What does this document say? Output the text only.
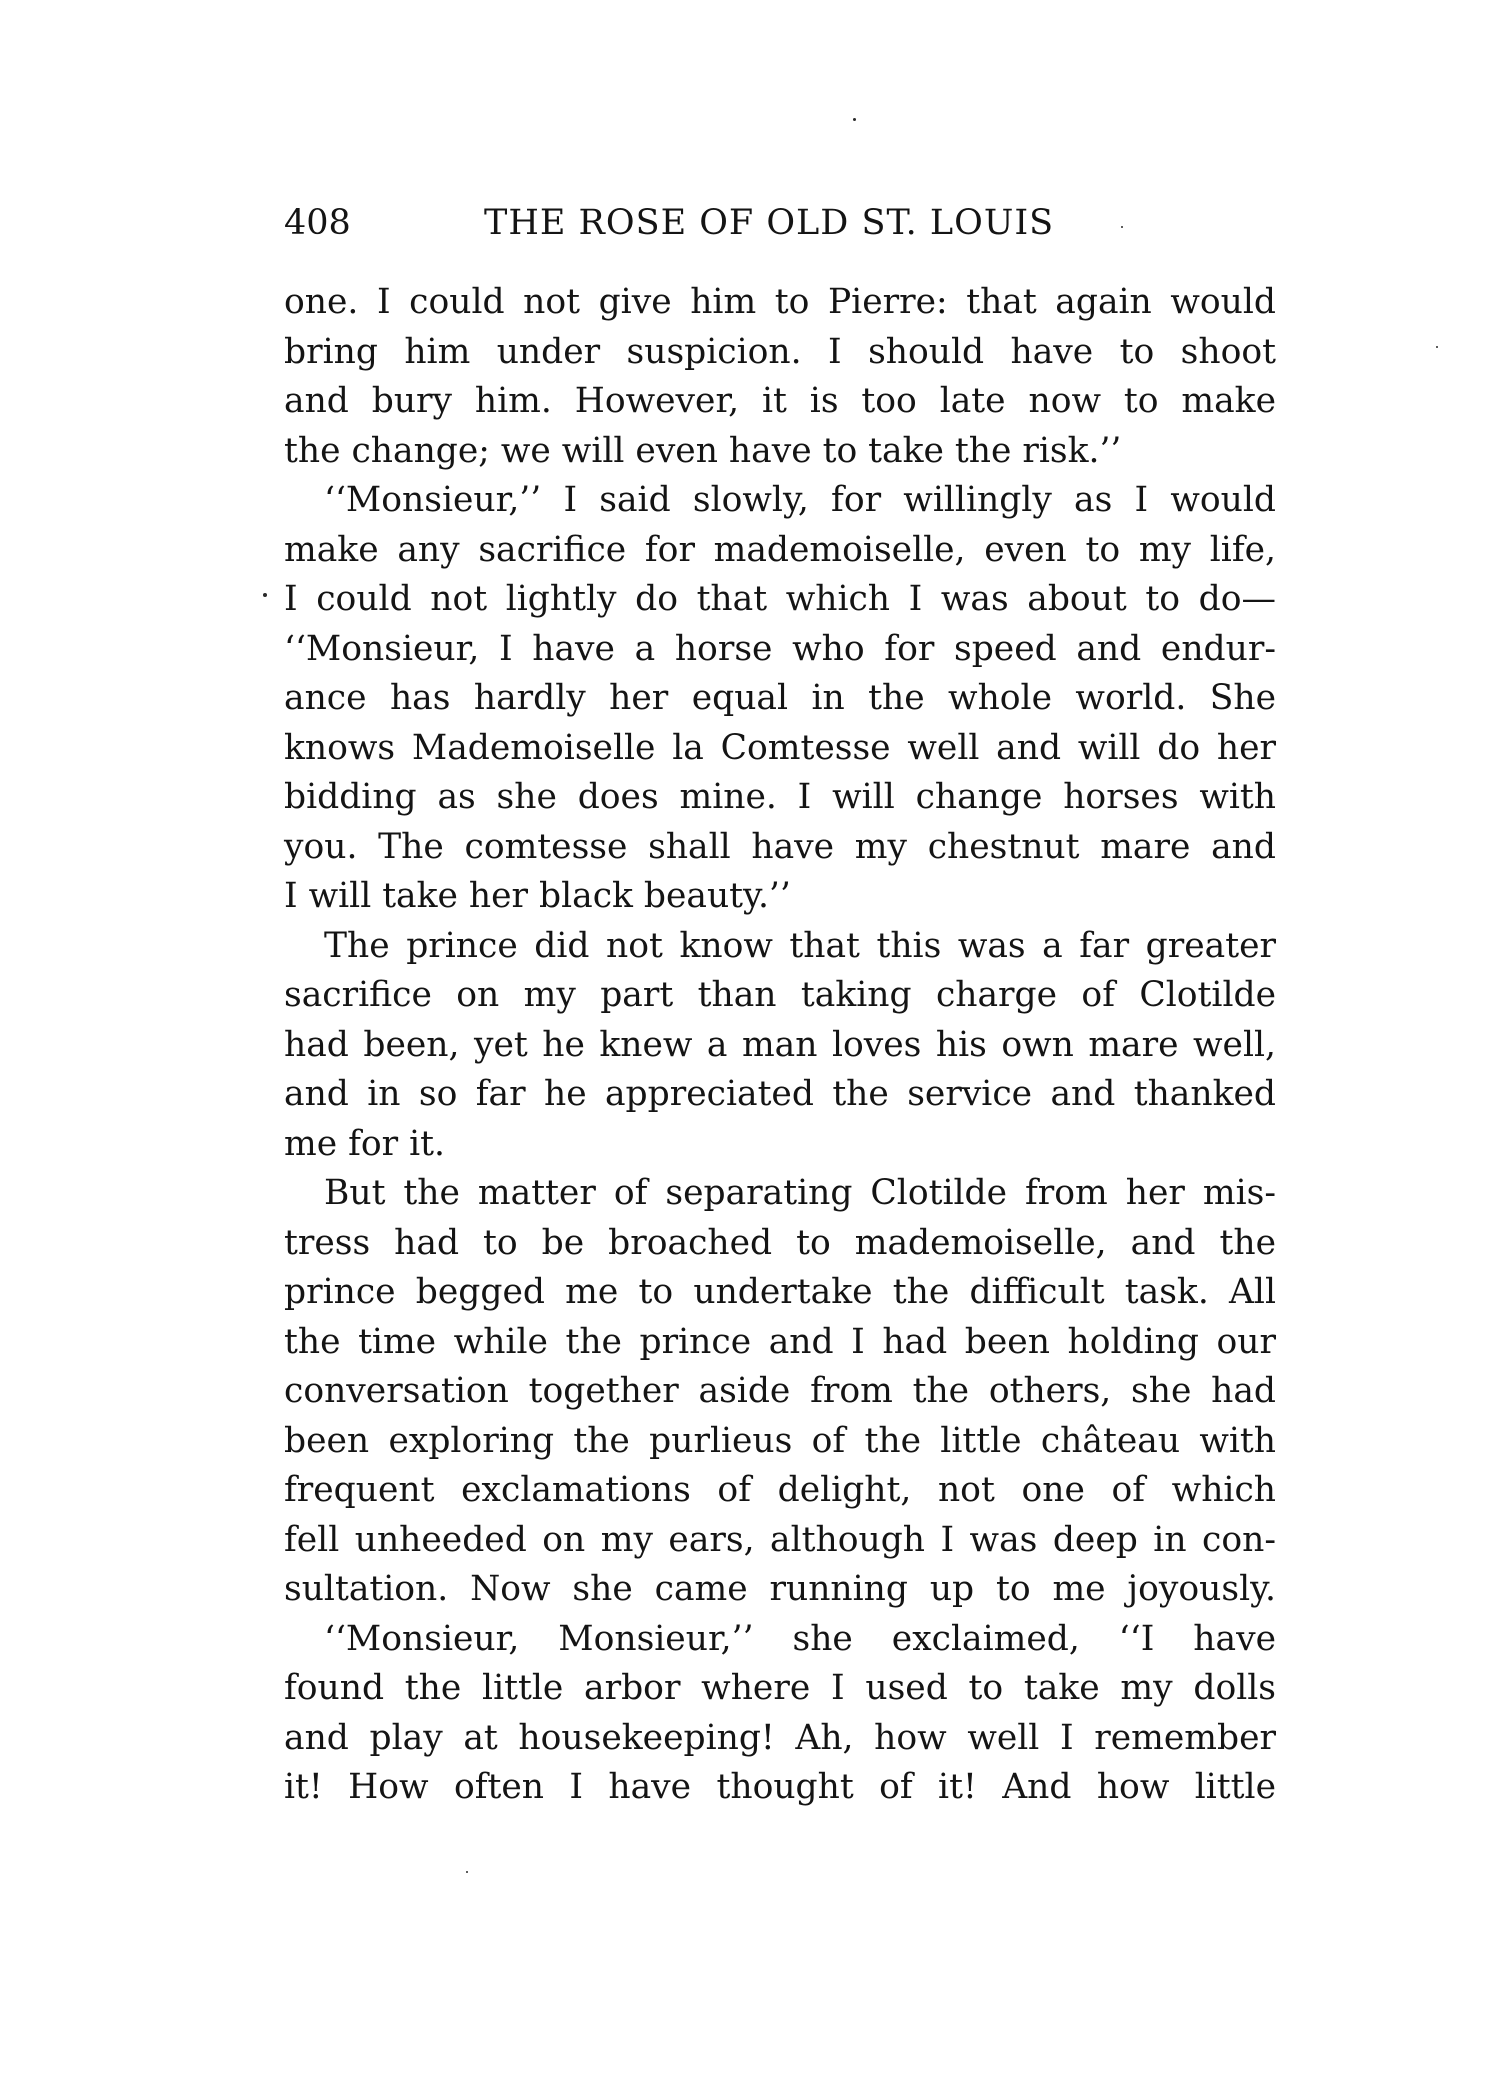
408	THE ROSE OF OLD ST. LOUIS
one. I could not give him to Pierre: that again would
bring him under suspicion. I should have to shoot
and bury him. However, it is too late now to make
the change; we will even have to take the risk.’’
‘‘Monsieur,’’ I said slowly, for willingly as I would
make any sacrifice for mademoiselle, even to my life,
I could not lightly do that which I was about to do—
‘‘Monsieur, I have a horse who for speed and endur-
ance has hardly her equal in the whole world. She
knows Mademoiselle la Comtesse well and will do her
bidding as she does mine. I will change horses with
you. The comtesse shall have my chestnut mare and
I will take her black beauty.’’
The prince did not know that this was a far greater
sacrifice on my part than taking charge of Clotilde
had been, yet he knew a man loves his own mare well,
and in so far he appreciated the service and thanked
me for it.
But the matter of separating Clotilde from her mis-
tress had to be broached to mademoiselle, and the
prince begged me to undertake the difficult task. All
the time while the prince and I had been holding our
conversation together aside from the others, she had
been exploring the purlieus of the little château with
frequent exclamations of delight, not one of which
fell unheeded on my ears, although I was deep in con-
sultation. Now she came running up to me joyously.
‘‘Monsieur, Monsieur,’’ she exclaimed, ‘‘I have
found the little arbor where I used to take my dolls
and play at housekeeping! Ah, how well I remember
it! How often I have thought of it! And how little
